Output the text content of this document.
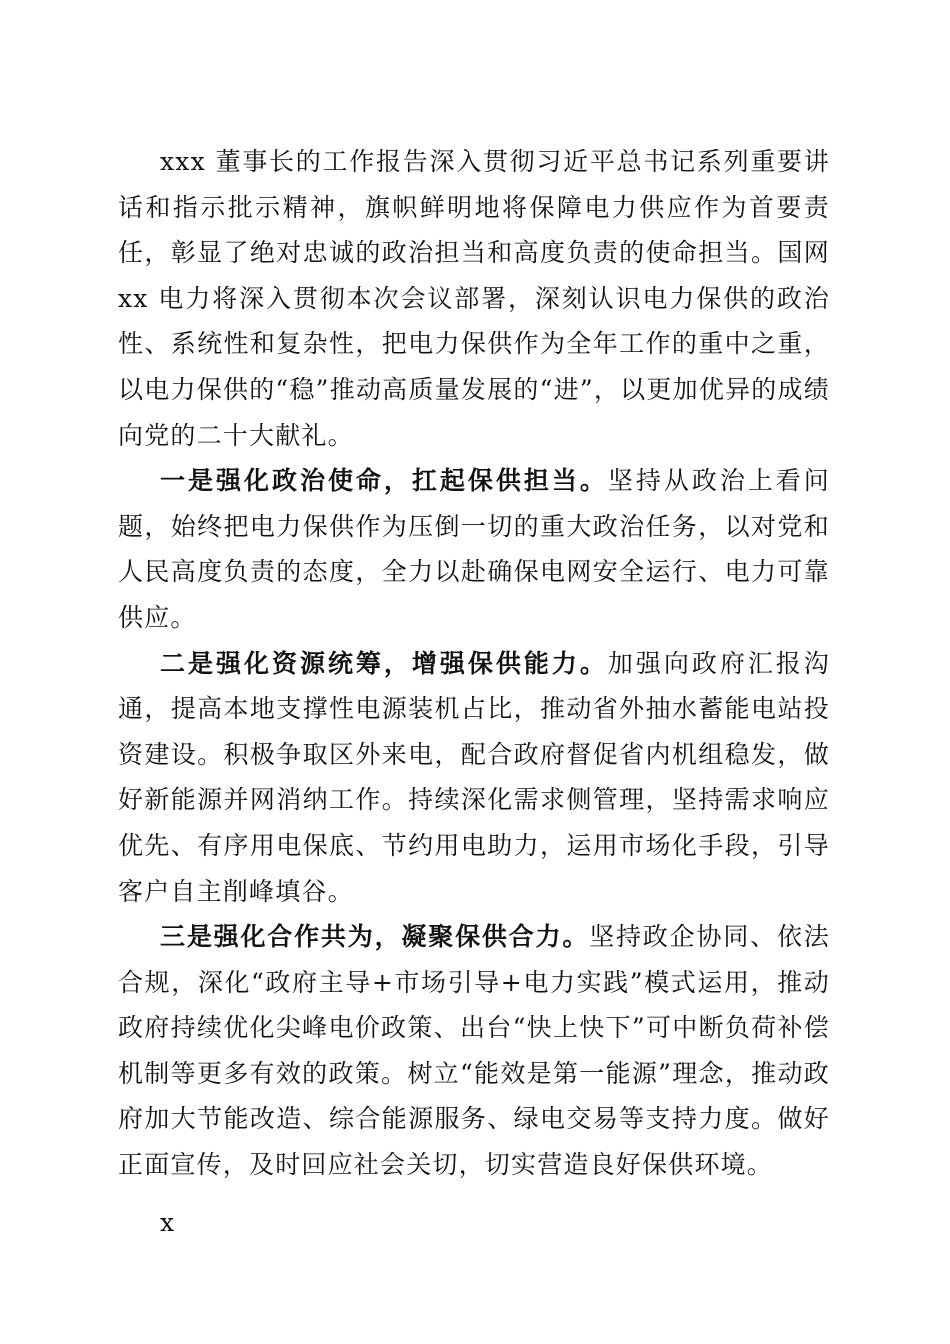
xxx 董事长的工作报告深入贯彻习近平总书记系列重要讲话和指示批示精神，旗帜鲜明地将保障电力供应作为首要责任，彰显了绝对忠诚的政治担当和高度负责的使命担当。国网 xx 电力将深入贯彻本次会议部署，深刻认识电力保供的政治性、系统性和复杂性，把电力保供作为全年工作的重中之重，以电力保供的“稳”推动高质量发展的“进”，以更加优异的成绩向党的二十大献礼。

一是强化政治使命，扛起保供担当。坚持从政治上看问题，始终把电力保供作为压倒一切的重大政治任务，以对党和人民高度负责的态度，全力以赴确保电网安全运行、电力可靠供应。

二是强化资源统筹，增强保供能力。加强向政府汇报沟通，提高本地支撑性电源装机占比，推动省外抽水蓄能电站投资建设。积极争取区外来电，配合政府督促省内机组稳发，做好新能源并网消纳工作。持续深化需求侧管理，坚持需求响应优先、有序用电保底、节约用电助力，运用市场化手段，引导客户自主削峰填谷。

三是强化合作共为，凝聚保供合力。坚持政企协同、依法合规，深化“政府主导+市场引导+电力实践”模式运用，推动政府持续优化尖峰电价政策、出台“快上快下”可中断负荷补偿机制等更多有效的政策。树立“能效是第一能源”理念，推动政府加大节能改造、综合能源服务、绿电交易等支持力度。做好正面宣传，及时回应社会关切，切实营造良好保供环境。

x
